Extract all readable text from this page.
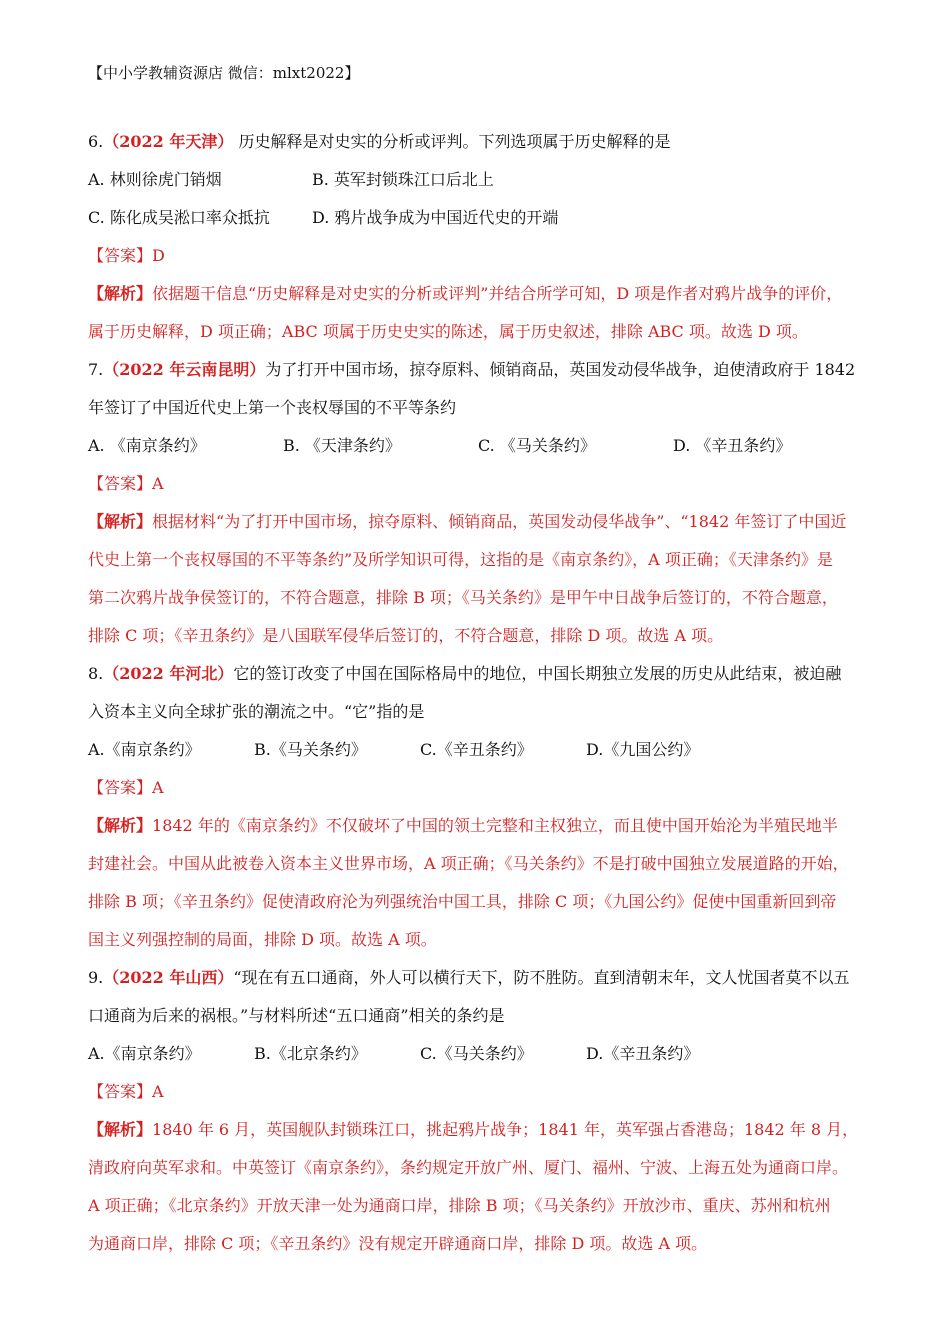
【中小学教辅资源店 微信：mlxt2022】

6.（2022 年天津） 历史解释是对史实的分析或评判。下列选项属于历史解释的是

A. 林则徐虎门销烟	B. 英军封锁珠江口后北上
C. 陈化成吴淞口率众抵抗	D. 鸦片战争成为中国近代史的开端
【答案】D

【解析】依据题干信息“历史解释是对史实的分析或评判”并结合所学可知，D 项是作者对鸦片战争的评价，
属于历史解释，D 项正确；ABC 项属于历史史实的陈述，属于历史叙述，排除 ABC 项。故选 D 项。

7.（2022 年云南昆明）为了打开中国市场，掠夺原料、倾销商品，英国发动侵华战争，迫使清政府于 1842
年签订了中国近代史上第一个丧权辱国的不平等条约

A. 《南京条约》	B. 《天津条约》	C. 《马关条约》	D. 《辛丑条约》
【答案】A

【解析】根据材料“为了打开中国市场，掠夺原料、倾销商品，英国发动侵华战争”、“1842 年签订了中国近
代史上第一个丧权辱国的不平等条约”及所学知识可得，这指的是《南京条约》，A 项正确；《天津条约》是
第二次鸦片战争侯签订的，不符合题意，排除 B 项；《马关条约》是甲午中日战争后签订的，不符合题意，
排除 C 项；《辛丑条约》是八国联军侵华后签订的，不符合题意，排除 D 项。故选 A 项。

8.（2022 年河北）它的签订改变了中国在国际格局中的地位，中国长期独立发展的历史从此结束，被迫融
入资本主义向全球扩张的潮流之中。“它”指的是

A.《南京条约》	B.《马关条约》	C.《辛丑条约》	D.《九国公约》
【答案】A

【解析】1842 年的《南京条约》不仅破坏了中国的领土完整和主权独立，而且使中国开始沦为半殖民地半
封建社会。中国从此被卷入资本主义世界市场，A 项正确；《马关条约》不是打破中国独立发展道路的开始，
排除 B 项；《辛丑条约》促使清政府沦为列强统治中国工具，排除 C 项；《九国公约》促使中国重新回到帝
国主义列强控制的局面，排除 D 项。故选 A 项。

9.（2022 年山西）“现在有五口通商，外人可以横行天下，防不胜防。直到清朝末年，文人忧国者莫不以五
口通商为后来的祸根。”与材料所述“五口通商”相关的条约是

A.《南京条约》	B.《北京条约》	C.《马关条约》	D.《辛丑条约》
【答案】A

【解析】1840 年 6 月，英国舰队封锁珠江口，挑起鸦片战争；1841 年，英军强占香港岛；1842 年 8 月，
清政府向英军求和。中英签订《南京条约》，条约规定开放广州、厦门、福州、宁波、上海五处为通商口岸。
A 项正确；《北京条约》开放天津一处为通商口岸，排除 B 项；《马关条约》开放沙市、重庆、苏州和杭州
为通商口岸，排除 C 项；《辛丑条约》没有规定开辟通商口岸，排除 D 项。故选 A 项。
